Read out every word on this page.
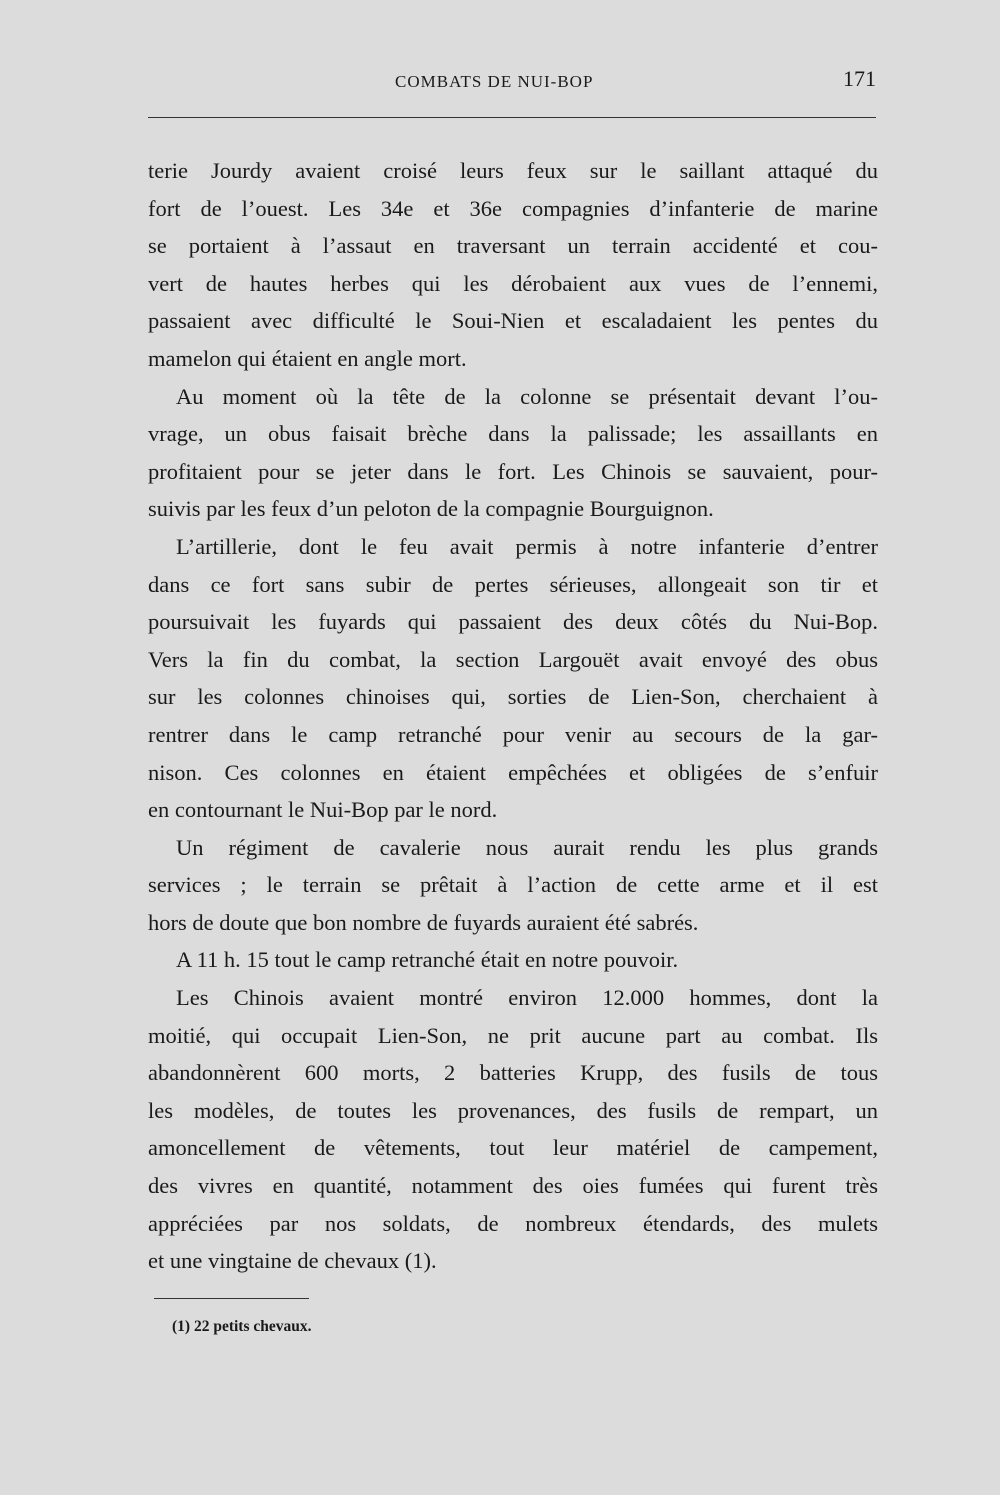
COMBATS DE NUI-BOP	171
terie Jourdy avaient croisé leurs feux sur le saillant attaqué du
fort de l’ouest. Les 34e et 36e compagnies d’infanterie de marine
se portaient à l’assaut en traversant un terrain accidenté et cou-
vert de hautes herbes qui les dérobaient aux vues de l’ennemi,
passaient avec difficulté le Soui-Nien et escaladaient les pentes du
mamelon qui étaient en angle mort.
Au moment où la tête de la colonne se présentait devant l’ou-
vrage, un obus faisait brèche dans la palissade; les assaillants en
profitaient pour se jeter dans le fort. Les Chinois se sauvaient, pour-
suivis par les feux d’un peloton de la compagnie Bourguignon.
L’artillerie, dont le feu avait permis à notre infanterie d’entrer
dans ce fort sans subir de pertes sérieuses, allongeait son tir et
poursuivait les fuyards qui passaient des deux côtés du Nui-Bop.
Vers la fin du combat, la section Largouët avait envoyé des obus
sur les colonnes chinoises qui, sorties de Lien-Son, cherchaient à
rentrer dans le camp retranché pour venir au secours de la gar-
nison. Ces colonnes en étaient empêchées et obligées de s’enfuir
en contournant le Nui-Bop par le nord.
Un régiment de cavalerie nous aurait rendu les plus grands
services ; le terrain se prêtait à l’action de cette arme et il est
hors de doute que bon nombre de fuyards auraient été sabrés.
A 11 h. 15 tout le camp retranché était en notre pouvoir.
Les Chinois avaient montré environ 12.000 hommes, dont la
moitié, qui occupait Lien-Son, ne prit aucune part au combat. Ils
abandonnèrent 600 morts, 2 batteries Krupp, des fusils de tous
les modèles, de toutes les provenances, des fusils de rempart, un
amoncellement de vêtements, tout leur matériel de campement,
des vivres en quantité, notamment des oies fumées qui furent très
appréciées par nos soldats, de nombreux étendards, des mulets
et une vingtaine de chevaux (1).
(1) 22 petits chevaux.
